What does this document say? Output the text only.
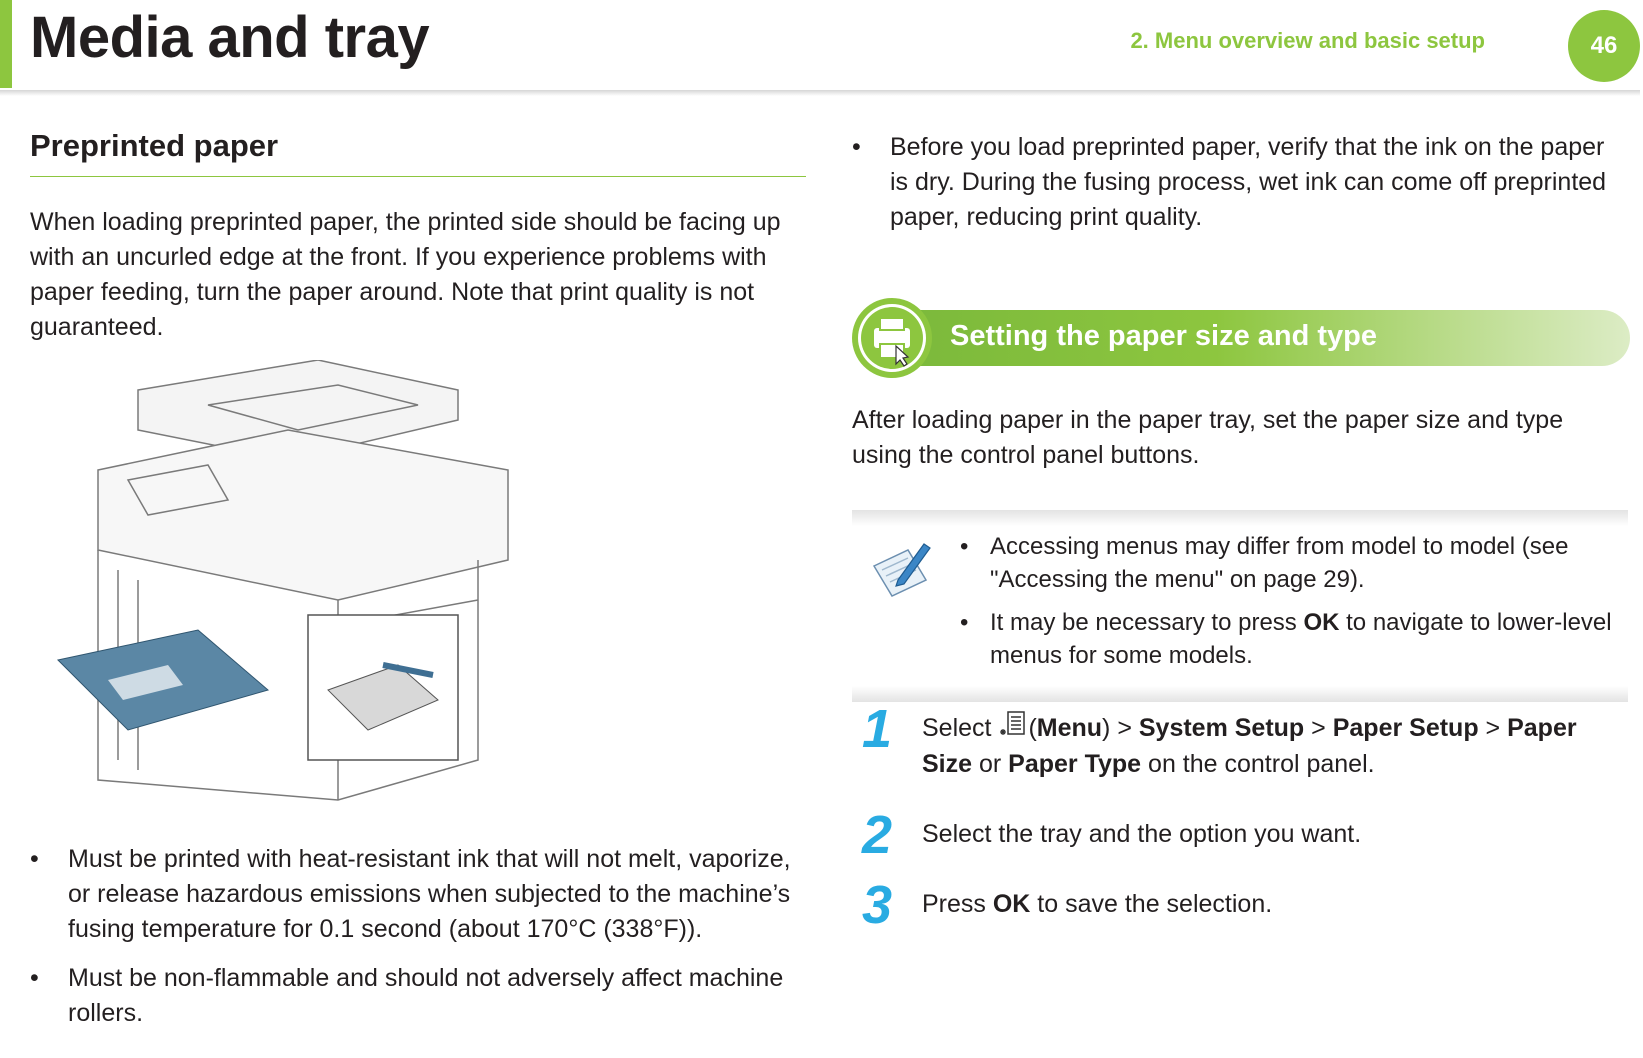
Media and tray	2. Menu overview and basic setup	46
Preprinted paper
When loading preprinted paper, the printed side should be facing up with an uncurled edge at the front. If you experience problems with paper feeding, turn the paper around. Note that print quality is not guaranteed.
• Must be printed with heat-resistant ink that will not melt, vaporize, or release hazardous emissions when subjected to the machine’s fusing temperature for 0.1 second (about 170°C (338°F)).
• Must be non-flammable and should not adversely affect machine rollers.
• Before you load preprinted paper, verify that the ink on the paper is dry. During the fusing process, wet ink can come off preprinted paper, reducing print quality.
Setting the paper size and type
After loading paper in the paper tray, set the paper size and type using the control panel buttons.
• Accessing menus may differ from model to model (see "Accessing the menu" on page 29).
• It may be necessary to press OK to navigate to lower-level menus for some models.
1 Select (Menu) > System Setup > Paper Setup > Paper Size or Paper Type on the control panel.
2 Select the tray and the option you want.
3 Press OK to save the selection.
